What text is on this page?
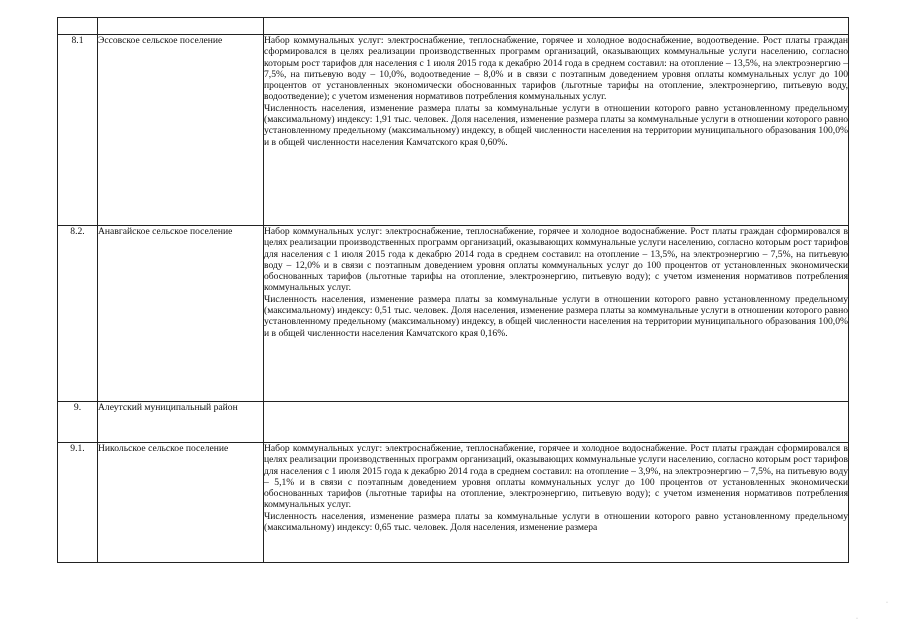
8.1	Эссовское сельское поселение	Набор коммунальных услуг: электроснабжение, теплоснабжение, горячее и холодное водоснабжение, водоотведение. Рост платы граждан сформировался в целях реализации производственных программ организаций, оказывающих коммунальные услуги населению, согласно которым рост тарифов для населения с 1 июля 2015 года к декабрю 2014 года в среднем составил: на отопление – 13,5%, на электроэнергию – 7,5%, на питьевую воду – 10,0%, водоотведение – 8,0% и в связи с поэтапным доведением уровня оплаты коммунальных услуг до 100 процентов от установленных экономически обоснованных тарифов (льготные тарифы на отопление, электроэнергию, питьевую воду, водоотведение); с учетом изменения нормативов потребления коммунальных услуг.

Численность населения, изменение размера платы за коммунальные услуги в отношении которого равно установленному предельному (максимальному) индексу: 1,91 тыс. человек. Доля населения, изменение размера платы за коммунальные услуги в отношении которого равно установленному предельному (максимальному) индексу, в общей численности населения на территории муниципального образования 100,0% и в общей численности населения Камчатского края 0,60%.

8.2.	Анавгайское сельское поселение	Набор коммунальных услуг: электроснабжение, теплоснабжение, горячее и холодное водоснабжение. Рост платы граждан сформировался в целях реализации производственных программ организаций, оказывающих коммунальные услуги населению, согласно которым рост тарифов для населения с 1 июля 2015 года к декабрю 2014 года в среднем составил: на отопление – 13,5%, на электроэнергию – 7,5%, на питьевую воду – 12,0% и в связи с поэтапным доведением уровня оплаты коммунальных услуг до 100 процентов от установленных экономически обоснованных тарифов (льготные тарифы на отопление, электроэнергию, питьевую воду); с учетом изменения нормативов потребления коммунальных услуг.

Численность населения, изменение размера платы за коммунальные услуги в отношении которого равно установленному предельному (максимальному) индексу: 0,51 тыс. человек. Доля населения, изменение размера платы за коммунальные услуги в отношении которого равно установленному предельному (максимальному) индексу, в общей численности населения на территории муниципального образования 100,0% и в общей численности населения Камчатского края 0,16%.

9.	Алеутский муниципальный район	
9.1.	Никольское сельское поселение	Набор коммунальных услуг: электроснабжение, теплоснабжение, горячее и холодное водоснабжение. Рост платы граждан сформировался в целях реализации производственных программ организаций, оказывающих коммунальные услуги населению, согласно которым рост тарифов для населения с 1 июля 2015 года к декабрю 2014 года в среднем составил: на отопление – 3,9%, на электроэнергию – 7,5%, на питьевую воду – 5,1% и в связи с поэтапным доведением уровня оплаты коммунальных услуг до 100 процентов от установленных экономически обоснованных тарифов (льготные тарифы на отопление, электроэнергию, питьевую воду); с учетом изменения нормативов потребления коммунальных услуг.

Численность населения, изменение размера платы за коммунальные услуги в отношении которого равно установленному предельному (максимальному) индексу: 0,65 тыс. человек. Доля населения, изменение размера

·
·
